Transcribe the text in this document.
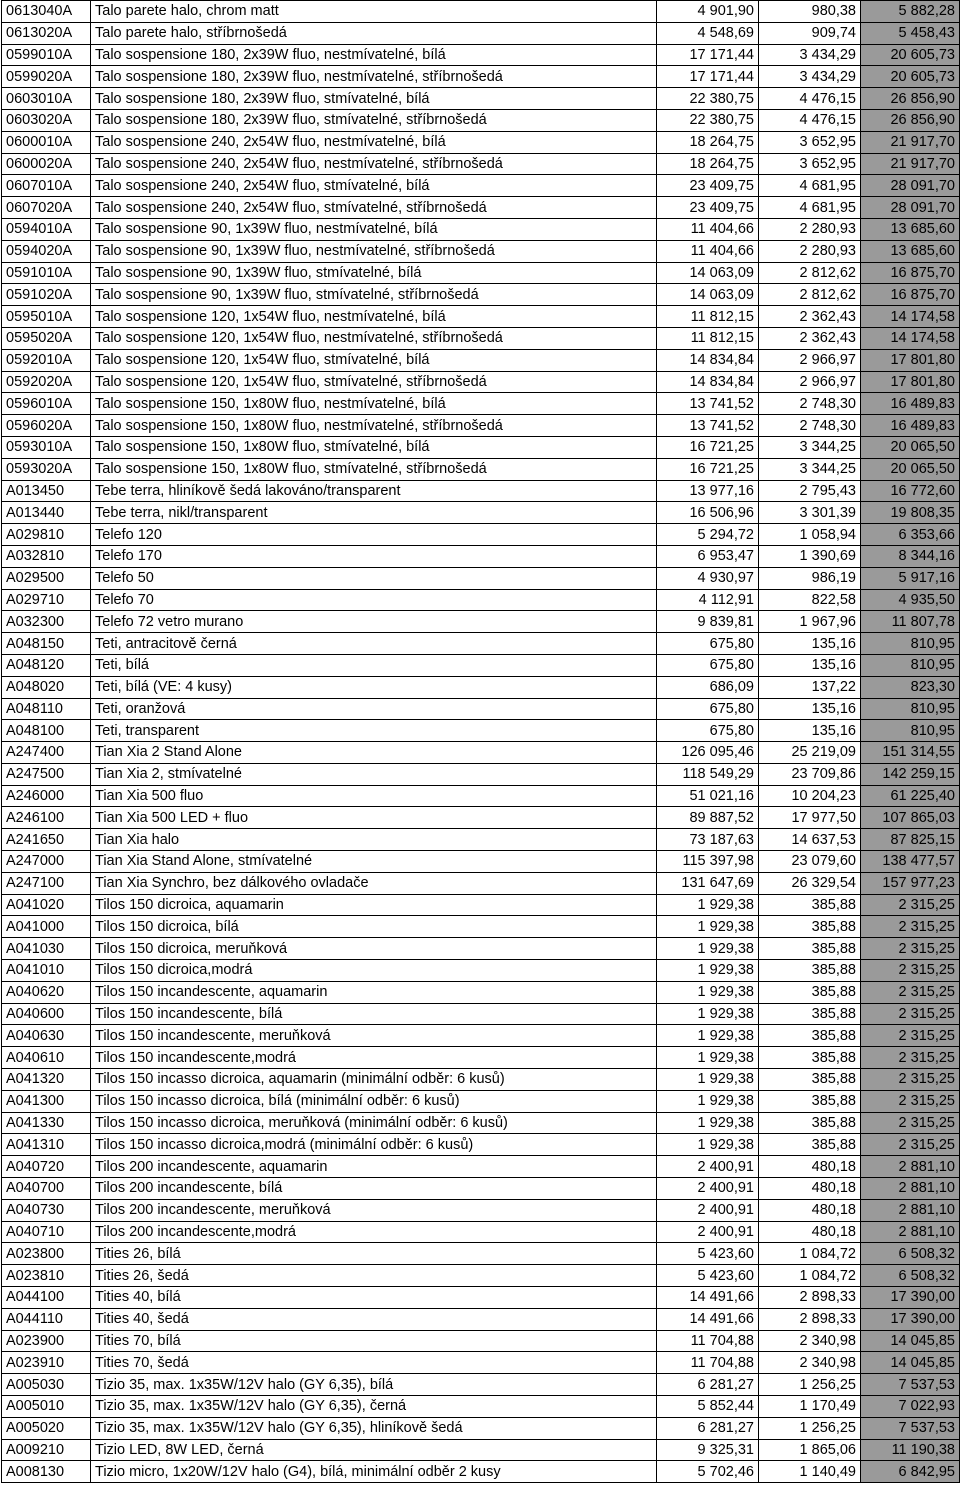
0613040A	Talo parete halo, chrom matt	4 901,90	980,38	5 882,28
0613020A	Talo parete halo, stříbrnošedá	4 548,69	909,74	5 458,43
0599010A	Talo sospensione 180, 2x39W fluo, nestmívatelné, bílá	17 171,44	3 434,29	20 605,73
0599020A	Talo sospensione 180, 2x39W fluo, nestmívatelné, stříbrnošedá	17 171,44	3 434,29	20 605,73
0603010A	Talo sospensione 180, 2x39W fluo, stmívatelné, bílá	22 380,75	4 476,15	26 856,90
0603020A	Talo sospensione 180, 2x39W fluo, stmívatelné, stříbrnošedá	22 380,75	4 476,15	26 856,90
0600010A	Talo sospensione 240, 2x54W fluo, nestmívatelné, bílá	18 264,75	3 652,95	21 917,70
0600020A	Talo sospensione 240, 2x54W fluo, nestmívatelné, stříbrnošedá	18 264,75	3 652,95	21 917,70
0607010A	Talo sospensione 240, 2x54W fluo, stmívatelné, bílá	23 409,75	4 681,95	28 091,70
0607020A	Talo sospensione 240, 2x54W fluo, stmívatelné, stříbrnošedá	23 409,75	4 681,95	28 091,70
0594010A	Talo sospensione 90, 1x39W fluo, nestmívatelné, bílá	11 404,66	2 280,93	13 685,60
0594020A	Talo sospensione 90, 1x39W fluo, nestmívatelné, stříbrnošedá	11 404,66	2 280,93	13 685,60
0591010A	Talo sospensione 90, 1x39W fluo, stmívatelné, bílá	14 063,09	2 812,62	16 875,70
0591020A	Talo sospensione 90, 1x39W fluo, stmívatelné, stříbrnošedá	14 063,09	2 812,62	16 875,70
0595010A	Talo sospensione 120, 1x54W fluo, nestmívatelné, bílá	11 812,15	2 362,43	14 174,58
0595020A	Talo sospensione 120, 1x54W fluo, nestmívatelné, stříbrnošedá	11 812,15	2 362,43	14 174,58
0592010A	Talo sospensione 120, 1x54W fluo, stmívatelné, bílá	14 834,84	2 966,97	17 801,80
0592020A	Talo sospensione 120, 1x54W fluo, stmívatelné, stříbrnošedá	14 834,84	2 966,97	17 801,80
0596010A	Talo sospensione 150, 1x80W fluo, nestmívatelné, bílá	13 741,52	2 748,30	16 489,83
0596020A	Talo sospensione 150, 1x80W fluo, nestmívatelné, stříbrnošedá	13 741,52	2 748,30	16 489,83
0593010A	Talo sospensione 150, 1x80W fluo, stmívatelné, bílá	16 721,25	3 344,25	20 065,50
0593020A	Talo sospensione 150, 1x80W fluo, stmívatelné, stříbrnošedá	16 721,25	3 344,25	20 065,50
A013450	Tebe terra, hliníkově šedá lakováno/transparent	13 977,16	2 795,43	16 772,60
A013440	Tebe terra, nikl/transparent	16 506,96	3 301,39	19 808,35
A029810	Telefo 120	5 294,72	1 058,94	6 353,66
A032810	Telefo 170	6 953,47	1 390,69	8 344,16
A029500	Telefo 50	4 930,97	986,19	5 917,16
A029710	Telefo 70	4 112,91	822,58	4 935,50
A032300	Telefo 72 vetro murano	9 839,81	1 967,96	11 807,78
A048150	Teti, antracitově černá	675,80	135,16	810,95
A048120	Teti, bílá	675,80	135,16	810,95
A048020	Teti, bílá (VE: 4 kusy)	686,09	137,22	823,30
A048110	Teti, oranžová	675,80	135,16	810,95
A048100	Teti, transparent	675,80	135,16	810,95
A247400	Tian Xia 2 Stand Alone	126 095,46	25 219,09	151 314,55
A247500	Tian Xia 2, stmívatelné	118 549,29	23 709,86	142 259,15
A246000	Tian Xia 500 fluo	51 021,16	10 204,23	61 225,40
A246100	Tian Xia 500 LED + fluo	89 887,52	17 977,50	107 865,03
A241650	Tian Xia halo	73 187,63	14 637,53	87 825,15
A247000	Tian Xia Stand Alone, stmívatelné	115 397,98	23 079,60	138 477,57
A247100	Tian Xia Synchro, bez dálkového ovladače	131 647,69	26 329,54	157 977,23
A041020	Tilos 150 dicroica, aquamarin	1 929,38	385,88	2 315,25
A041000	Tilos 150 dicroica, bílá	1 929,38	385,88	2 315,25
A041030	Tilos 150 dicroica, meruňková	1 929,38	385,88	2 315,25
A041010	Tilos 150 dicroica,modrá	1 929,38	385,88	2 315,25
A040620	Tilos 150 incandescente, aquamarin	1 929,38	385,88	2 315,25
A040600	Tilos 150 incandescente, bílá	1 929,38	385,88	2 315,25
A040630	Tilos 150 incandescente, meruňková	1 929,38	385,88	2 315,25
A040610	Tilos 150 incandescente,modrá	1 929,38	385,88	2 315,25
A041320	Tilos 150 incasso dicroica, aquamarin (minimální odběr: 6 kusů)	1 929,38	385,88	2 315,25
A041300	Tilos 150 incasso dicroica, bílá (minimální odběr: 6 kusů)	1 929,38	385,88	2 315,25
A041330	Tilos 150 incasso dicroica, meruňková (minimální odběr: 6 kusů)	1 929,38	385,88	2 315,25
A041310	Tilos 150 incasso dicroica,modrá (minimální odběr: 6 kusů)	1 929,38	385,88	2 315,25
A040720	Tilos 200 incandescente, aquamarin	2 400,91	480,18	2 881,10
A040700	Tilos 200 incandescente, bílá	2 400,91	480,18	2 881,10
A040730	Tilos 200 incandescente, meruňková	2 400,91	480,18	2 881,10
A040710	Tilos 200 incandescente,modrá	2 400,91	480,18	2 881,10
A023800	Tities 26, bílá	5 423,60	1 084,72	6 508,32
A023810	Tities 26, šedá	5 423,60	1 084,72	6 508,32
A044100	Tities 40, bílá	14 491,66	2 898,33	17 390,00
A044110	Tities 40, šedá	14 491,66	2 898,33	17 390,00
A023900	Tities 70, bílá	11 704,88	2 340,98	14 045,85
A023910	Tities 70, šedá	11 704,88	2 340,98	14 045,85
A005030	Tizio 35, max. 1x35W/12V halo (GY 6,35), bílá	6 281,27	1 256,25	7 537,53
A005010	Tizio 35, max. 1x35W/12V halo (GY 6,35), černá	5 852,44	1 170,49	7 022,93
A005020	Tizio 35, max. 1x35W/12V halo (GY 6,35), hliníkově šedá	6 281,27	1 256,25	7 537,53
A009210	Tizio LED, 8W LED, černá	9 325,31	1 865,06	11 190,38
A008130	Tizio micro, 1x20W/12V halo (G4), bílá, minimální odběr 2 kusy	5 702,46	1 140,49	6 842,95
